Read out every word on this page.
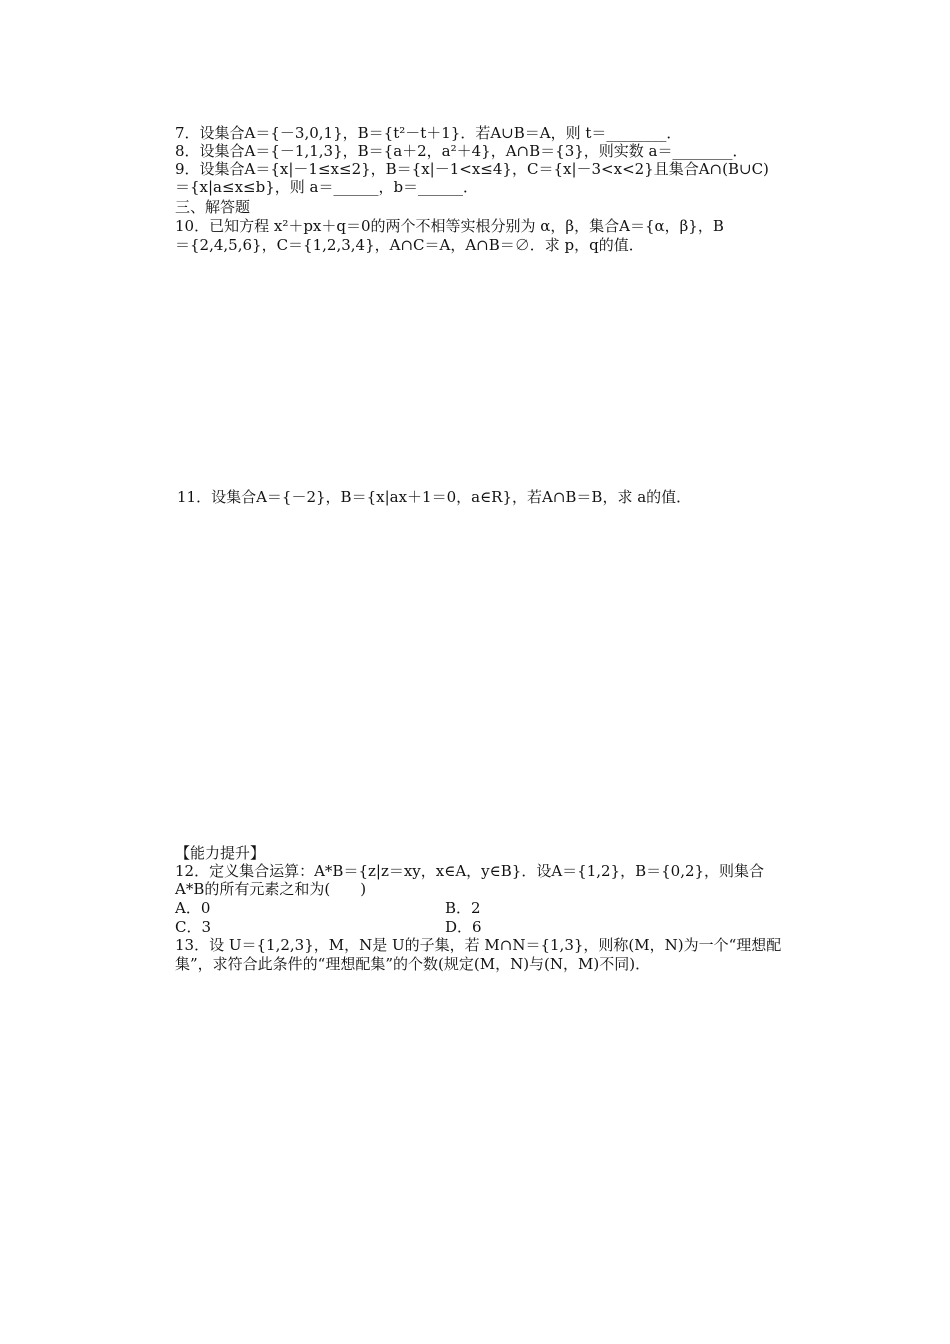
7．设集合A＝{－3,0,1}，B＝{t²－t＋1}．若A∪B＝A，则 t＝________．
8．设集合A＝{－1,1,3}，B＝{a＋2，a²＋4}，A∩B＝{3}，则实数 a＝________．
9．设集合A＝{x|－1≤x≤2}，B＝{x|－1<x≤4}，C＝{x|－3<x<2}且集合A∩(B∪C)
＝{x|a≤x≤b}，则 a＝______，b＝______．
三、解答题
10．已知方程 x²＋px＋q＝0的两个不相等实根分别为 α，β，集合A＝{α，β}，B
＝{2,4,5,6}，C＝{1,2,3,4}，A∩C＝A，A∩B＝∅．求 p，q的值．
11．设集合A＝{－2}，B＝{x|ax＋1＝0，a∈R}，若A∩B＝B，求 a的值．
【能力提升】
12．定义集合运算：A*B＝{z|z＝xy，x∈A，y∈B}．设A＝{1,2}，B＝{0,2}，则集合
A*B的所有元素之和为(　　)
A．0	B．2
C．3	D．6
13．设 U＝{1,2,3}，M，N是 U的子集，若 M∩N＝{1,3}，则称(M，N)为一个“理想配
集”，求符合此条件的“理想配集”的个数(规定(M，N)与(N，M)不同)．
